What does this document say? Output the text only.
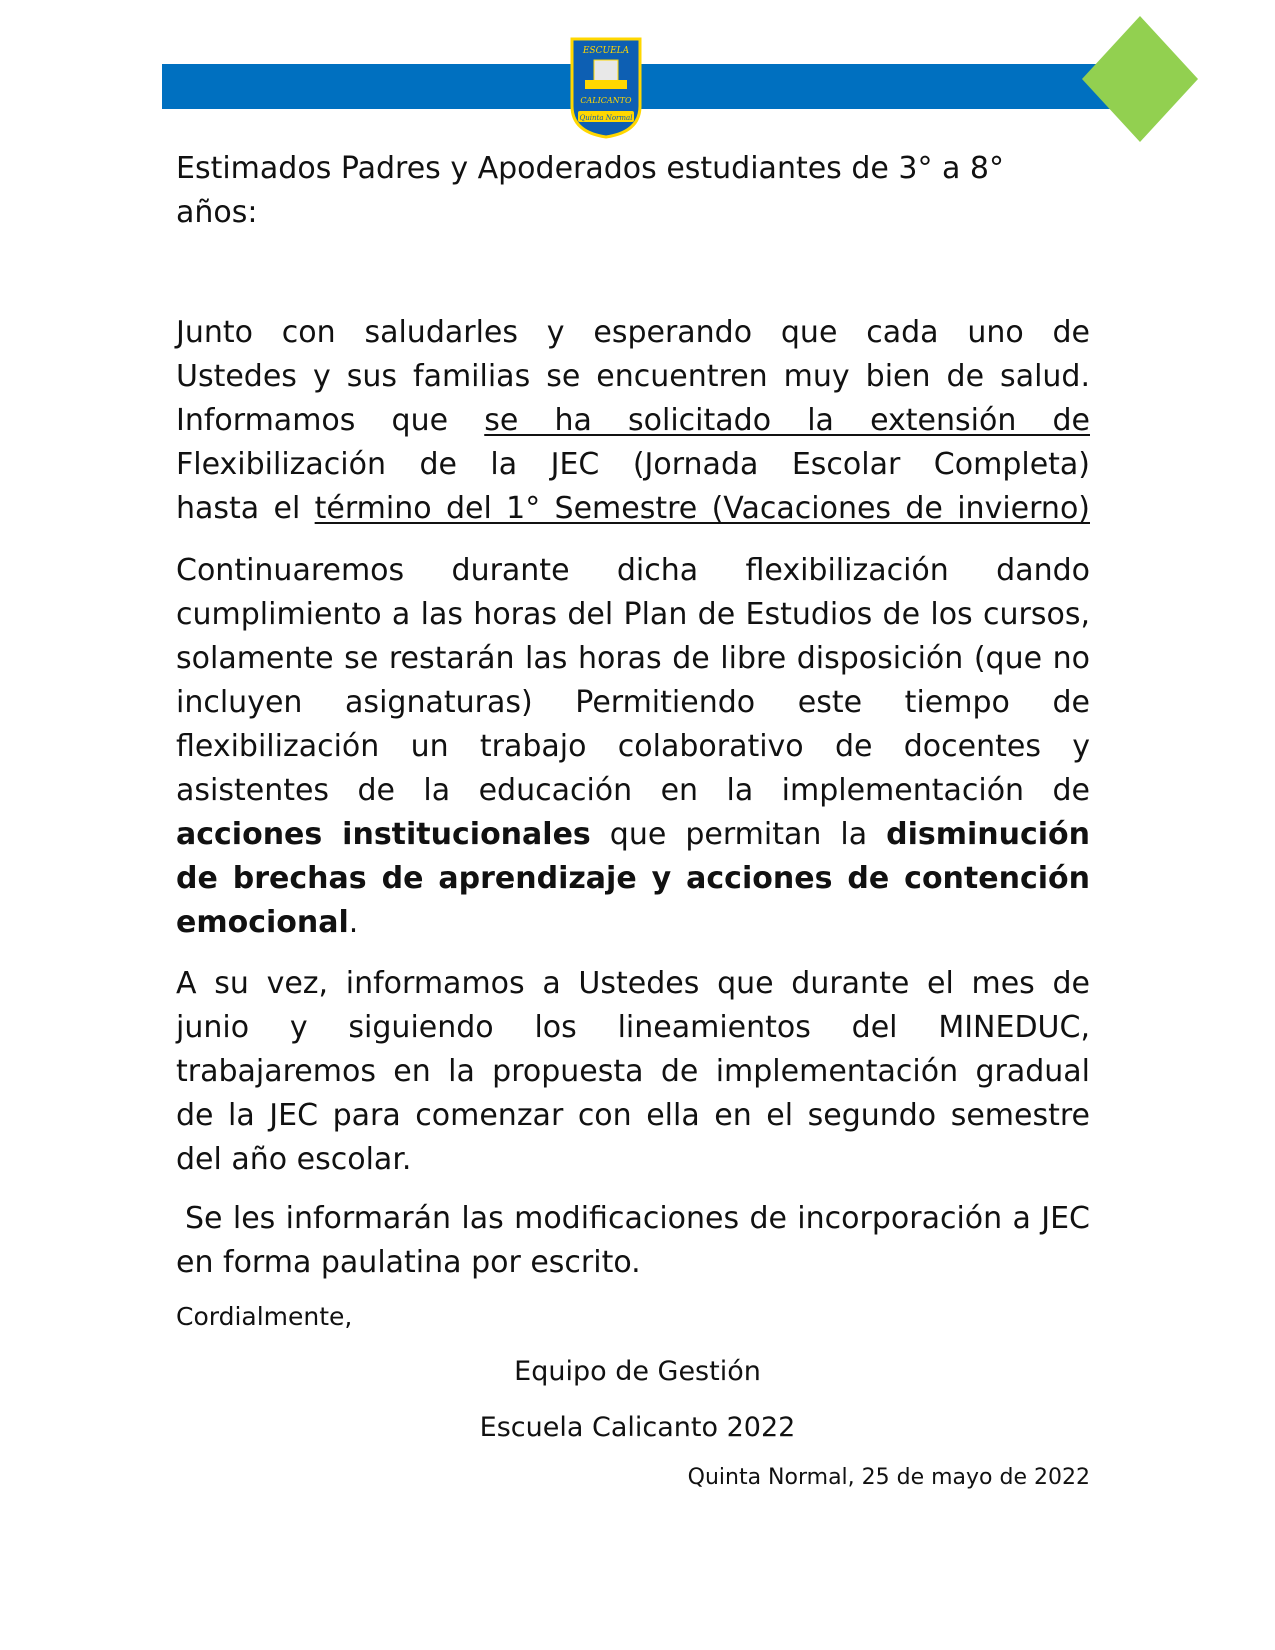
ESCUELA
CALICANTO
Quinta Normal

Estimados Padres y Apoderados estudiantes de 3° a 8°
años:

Junto con saludarles y esperando que cada uno de
Ustedes y sus familias se encuentren muy bien de salud.
Informamos que se ha solicitado la extensión de
Flexibilización de la JEC (Jornada Escolar Completa)
hasta el término del 1° Semestre (Vacaciones de invierno)

Continuaremos durante dicha flexibilización dando cumplimiento a las horas del Plan de Estudios de los cursos, solamente se restarán las horas de libre disposición (que no incluyen asignaturas) Permitiendo este tiempo de flexibilización un trabajo colaborativo de docentes y asistentes de la educación en la implementación de acciones institucionales que permitan la disminución de brechas de aprendizaje y acciones de contención emocional.

A su vez, informamos a Ustedes que durante el mes de junio y siguiendo los lineamientos del MINEDUC, trabajaremos en la propuesta de implementación gradual de la JEC para comenzar con ella en el segundo semestre del año escolar.

Se les informarán las modificaciones de incorporación a JEC en forma paulatina por escrito.

Cordialmente,

Equipo de Gestión

Escuela Calicanto 2022

Quinta Normal, 25 de mayo de 2022
